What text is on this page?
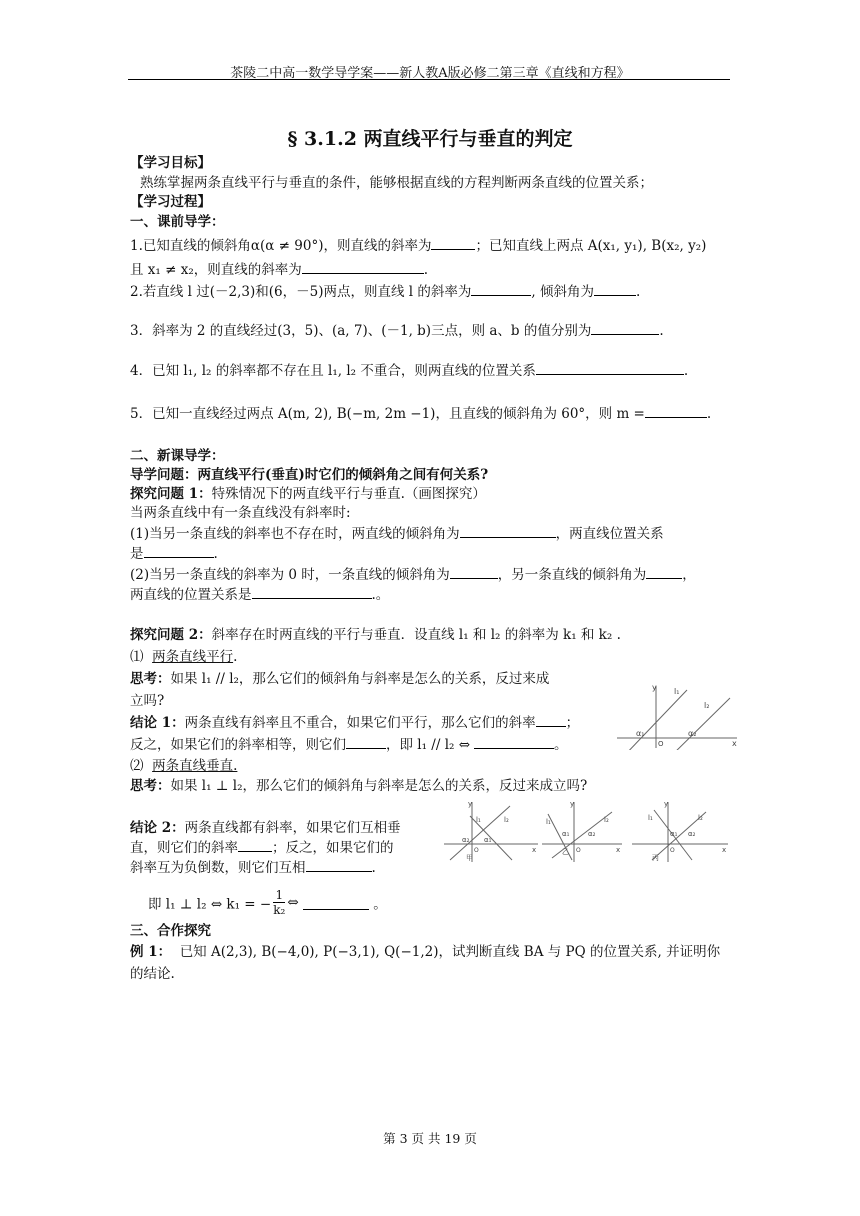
茶陵二中高一数学导学案——新人教A版必修二第三章《直线和方程》
§ 3.1.2 两直线平行与垂直的判定
【学习目标】
熟练掌握两条直线平行与垂直的条件，能够根据直线的方程判断两条直线的位置关系；
【学习过程】
一、课前导学：
1.已知直线的倾斜角α(α ≠ 90°)，则直线的斜率为	；已知直线上两点 A(x₁, y₁), B(x₂, y₂)
且 x₁ ≠ x₂，则直线的斜率为	.
2.若直线 l 过(－2,3)和(6，－5)两点，则直线 l 的斜率为	, 倾斜角为	.
3．斜率为 2 的直线经过(3，5)、(a, 7)、(－1, b)三点，则 a、b 的值分别为	.
4．已知 l₁, l₂ 的斜率都不存在且 l₁, l₂ 不重合，则两直线的位置关系	.
5．已知一直线经过两点 A(m, 2), B(−m, 2m −1)，且直线的倾斜角为 60°，则 m =	.
二、新课导学：
导学问题：两直线平行(垂直)时它们的倾斜角之间有何关系?
探究问题 1：特殊情况下的两直线平行与垂直.（画图探究）
当两条直线中有一条直线没有斜率时:
(1)当另一条直线的斜率也不存在时，两直线的倾斜角为	，两直线位置关系
是	.
(2)当另一条直线的斜率为 0 时，一条直线的倾斜角为	，另一条直线的倾斜角为	，
两直线的位置关系是	.。
探究问题 2：斜率存在时两直线的平行与垂直．设直线 l₁ 和 l₂ 的斜率为 k₁ 和 k₂ .
⑴ 两条直线平行.
思考：如果 l₁ // l₂，那么它们的倾斜角与斜率是怎么的关系，反过来成
立吗?
结论 1：两条直线有斜率且不重合，如果它们平行，那么它们的斜率 ；
反之，如果它们的斜率相等，则它们	，即 l₁ // l₂ ⇔	。
⑵ 两条直线垂直.
思考：如果 l₁ ⊥ l₂，那么它们的倾斜角与斜率是怎么的关系，反过来成立吗?
结论 2：两条直线都有斜率，如果它们互相垂
直，则它们的斜率	；反之，如果它们的
斜率互为负倒数，则它们互相	.
即 l₁ ⊥ l₂ ⇔ k₁ = − $\frac{1}{\text{k₂}}$ ⇔	。
三、合作探究
例 1： 已知 A(2,3), B(−4,0), P(−3,1), Q(−1,2)，试判断直线 BA 与 PQ 的位置关系, 并证明你
的结论.
y l₁
l₂
α₁	α₂
O	x
y
l₁	l₂
α₂ α₁
O	x
甲
y
l₁	l₂
α₁	α₂
O	x
乙
y
l₁	l₂
α₁ α₂
O	x
丙
第 3 页 共 19 页
